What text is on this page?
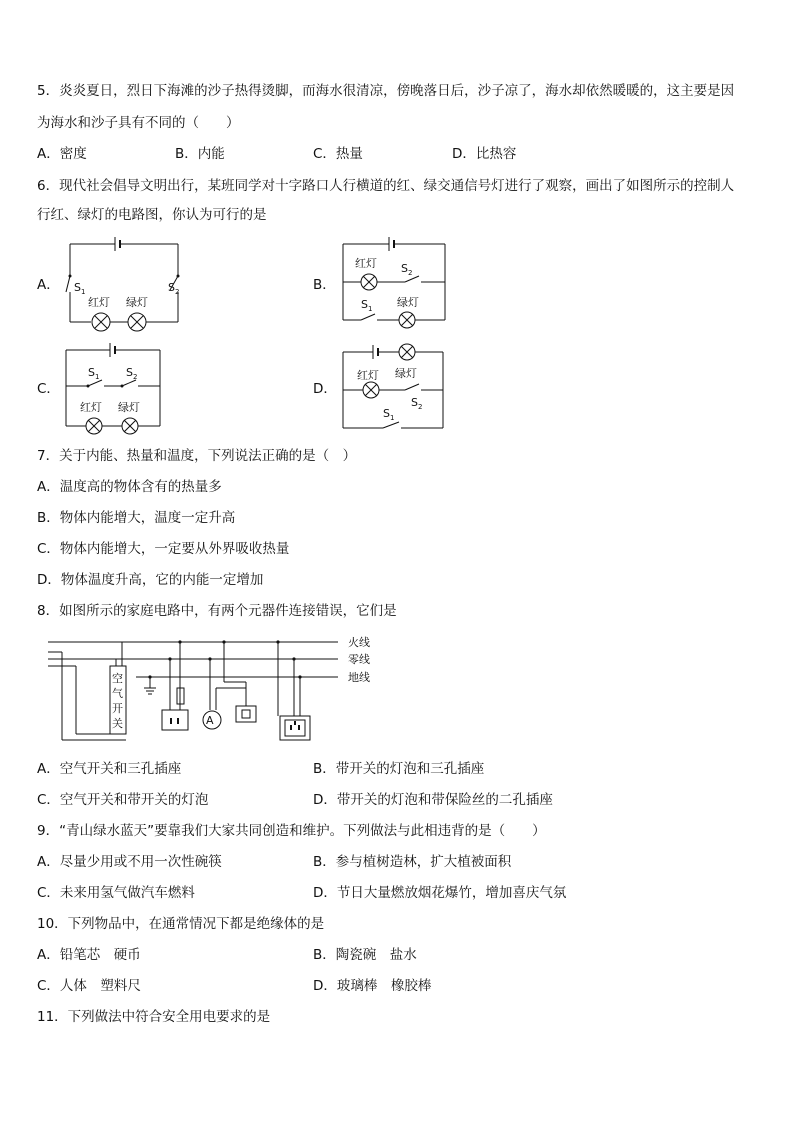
5．炎炎夏日，烈日下海滩的沙子热得烫脚，而海水很清凉，傍晚落日后，沙子凉了，海水却依然暖暖的，这主要是因
为海水和沙子具有不同的（　　）
A．密度	B．内能	C．热量	D．比热容
6．现代社会倡导文明出行，某班同学对十字路口人行横道的红、绿交通信号灯进行了观察，画出了如图所示的控制人
行红、绿灯的电路图，你认为可行的是
A．	B．
C．	D．
S 1	S 2
红灯 绿灯
红灯 S 2
S 1 绿灯
S 1 S 2
红灯 绿灯
红灯 绿灯
S 2
S 1
7．关于内能、热量和温度，下列说法正确的是（　）
A．温度高的物体含有的热量多
B．物体内能增大，温度一定升高
C．物体内能增大，一定要从外界吸收热量
D．物体温度升高，它的内能一定增加
8．如图所示的家庭电路中，有两个元器件连接错误，它们是
A
火线
零线
地线
空
气
开
关
A．空气开关和三孔插座	B．带开关的灯泡和三孔插座
C．空气开关和带开关的灯泡	D．带开关的灯泡和带保险丝的二孔插座
9．“青山绿水蓝天”要靠我们大家共同创造和维护。下列做法与此相违背的是（　　）
A．尽量少用或不用一次性碗筷	B．参与植树造林，扩大植被面积
C．未来用氢气做汽车燃料	D．节日大量燃放烟花爆竹，增加喜庆气氛
10．下列物品中，在通常情况下都是绝缘体的是
A．铅笔芯　硬币	B．陶瓷碗　盐水
C．人体　塑料尺	D．玻璃棒　橡胶棒
11．下列做法中符合安全用电要求的是
